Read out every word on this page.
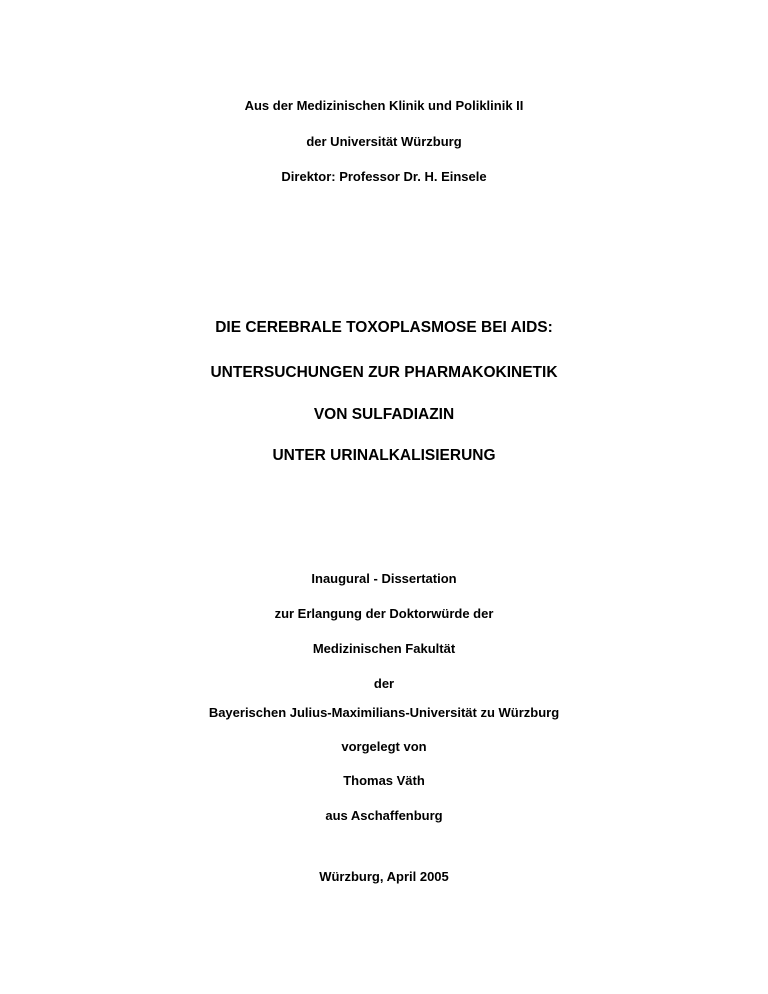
Aus der Medizinischen Klinik und Poliklinik II
der Universität Würzburg
Direktor: Professor Dr. H. Einsele
DIE CEREBRALE TOXOPLASMOSE BEI AIDS:
UNTERSUCHUNGEN ZUR PHARMAKOKINETIK
VON SULFADIAZIN
UNTER URINALKALISIERUNG
Inaugural - Dissertation
zur Erlangung der Doktorwürde der
Medizinischen Fakultät
der
Bayerischen Julius-Maximilians-Universität zu Würzburg
vorgelegt von
Thomas Väth
aus Aschaffenburg
Würzburg, April 2005
